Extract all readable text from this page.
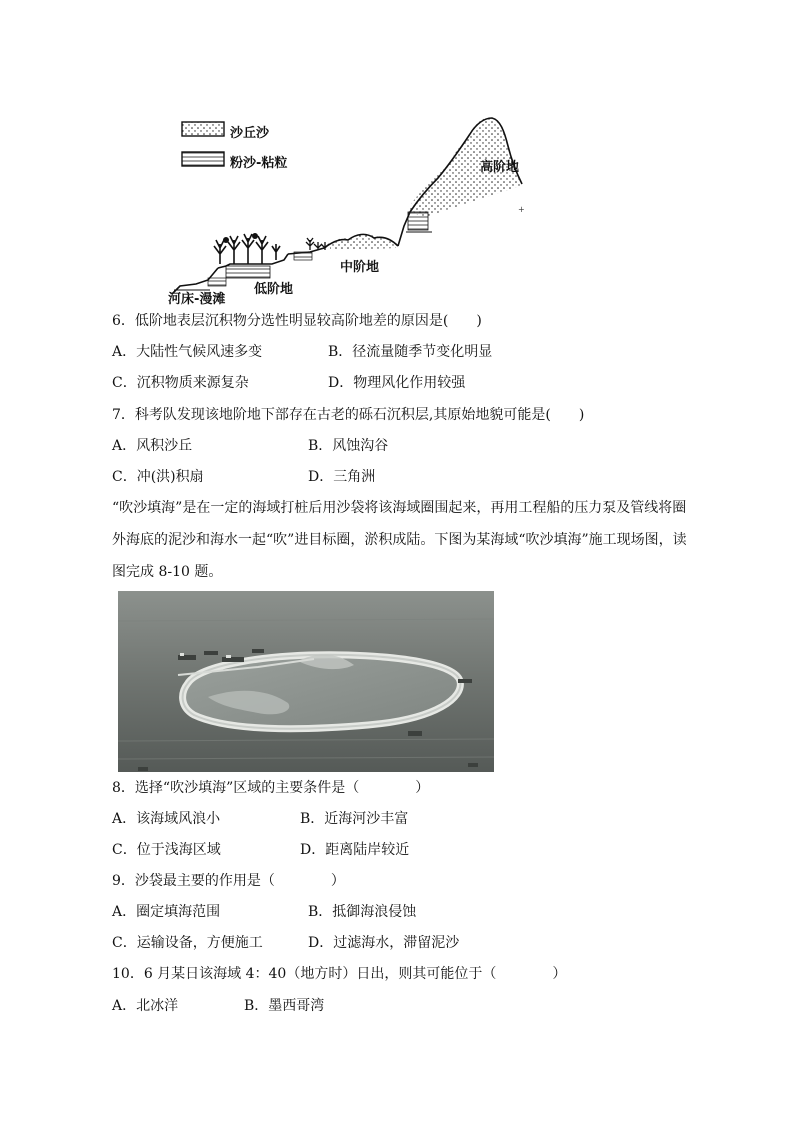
+
沙丘沙
粉沙-粘粒	高阶地
中阶地
低阶地
河床-漫滩
6．低阶地表层沉积物分选性明显较高阶地差的原因是(　　)
A．大陆性气候风速多变	B．径流量随季节变化明显
C．沉积物质来源复杂	D．物理风化作用较强
7．科考队发现该地阶地下部存在古老的砾石沉积层,其原始地貌可能是(　　)
A．风积沙丘	B．风蚀沟谷
C．冲(洪)积扇	D．三角洲
“吹沙填海”是在一定的海域打桩后用沙袋将该海域圈围起来，再用工程船的压力泵及管线将圈外海底的泥沙和海水一起“吹”进目标圈，淤积成陆。下图为某海域“吹沙填海”施工现场图，读图完成 8-10 题。
8．选择“吹沙填海”区域的主要条件是（　　　　）
A．该海域风浪小	B．近海河沙丰富
C．位于浅海区域	D．距离陆岸较近
9．沙袋最主要的作用是（　　　　）
A．圈定填海范围	B．抵御海浪侵蚀
C．运输设备，方便施工	D．过滤海水，滞留泥沙
10．6 月某日该海域 4：40（地方时）日出，则其可能位于（　　　　）
A．北冰洋	B．墨西哥湾
